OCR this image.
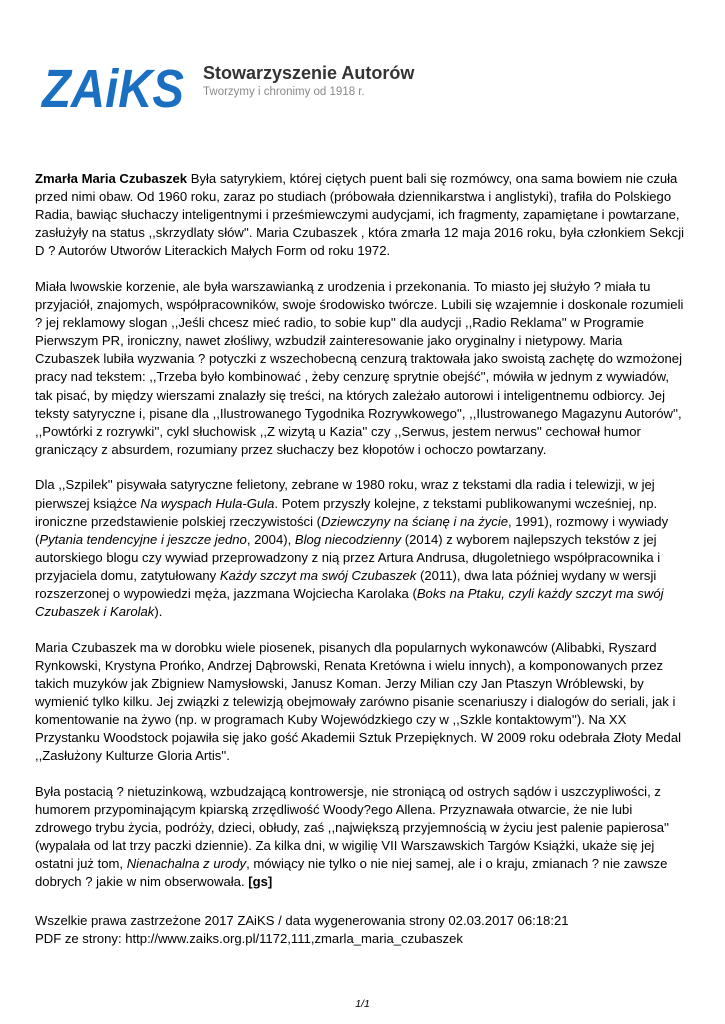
ZAiKS Stowarzyszenie Autorów
Tworzymy i chronimy od 1918 r.

Zmarła Maria Czubaszek Była satyrykiem, której ciętych puent bali się rozmówcy, ona sama bowiem nie czuła przed nimi obaw. Od 1960 roku, zaraz po studiach (próbowała dziennikarstwa i anglistyki), trafiła do Polskiego Radia, bawiąc słuchaczy inteligentnymi i prześmiewczymi audycjami, ich fragmenty, zapamiętane i powtarzane, zasłużyły na status ,,skrzydlaty słów''. Maria Czubaszek , która zmarła 12 maja 2016 roku, była członkiem Sekcji D ? Autorów Utworów Literackich Małych Form od roku 1972.

Miała lwowskie korzenie, ale była warszawianką z urodzenia i przekonania. To miasto jej służyło ? miała tu przyjaciół, znajomych, współpracowników, swoje środowisko twórcze. Lubili się wzajemnie i doskonale rozumieli ? jej reklamowy slogan ,,Jeśli chcesz mieć radio, to sobie kup'' dla audycji ,,Radio Reklama'' w Programie Pierwszym PR, ironiczny, nawet złośliwy, wzbudził zainteresowanie jako oryginalny i nietypowy. Maria Czubaszek lubiła wyzwania ? potyczki z wszechobecną cenzurą traktowała jako swoistą zachętę do wzmożonej pracy nad tekstem: ,,Trzeba było kombinować , żeby cenzurę sprytnie obejść'', mówiła w jednym z wywiadów, tak pisać, by między wierszami znalazły się treści, na których zależało autorowi i inteligentnemu odbiorcy. Jej teksty satyryczne i, pisane dla ,,Ilustrowanego Tygodnika Rozrywkowego'', ,,Ilustrowanego Magazynu Autorów'', ,,Powtórki z rozrywki'', cykl słuchowisk ,,Z wizytą u Kazia'' czy ,,Serwus, jestem nerwus'' cechował humor graniczący z absurdem, rozumiany przez słuchaczy bez kłopotów i ochoczo powtarzany.

Dla ,,Szpilek'' pisywała satyryczne felietony, zebrane w 1980 roku, wraz z tekstami dla radia i telewizji, w jej pierwszej książce Na wyspach Hula-Gula. Potem przyszły kolejne, z tekstami publikowanymi wcześniej, np. ironiczne przedstawienie polskiej rzeczywistości (Dziewczyny na ścianę i na życie, 1991), rozmowy i wywiady (Pytania tendencyjne i jeszcze jedno, 2004), Blog niecodzienny (2014) z wyborem najlepszych tekstów z jej autorskiego blogu czy wywiad przeprowadzony z nią przez Artura Andrusa, długoletniego współpracownika i przyjaciela domu, zatytułowany Każdy szczyt ma swój Czubaszek (2011), dwa lata później wydany w wersji rozszerzonej o wypowiedzi męża, jazzmana Wojciecha Karolaka (Boks na Ptaku, czyli każdy szczyt ma swój Czubaszek i Karolak).

Maria Czubaszek ma w dorobku wiele piosenek, pisanych dla popularnych wykonawców (Alibabki, Ryszard Rynkowski, Krystyna Prońko, Andrzej Dąbrowski, Renata Kretówna i wielu innych), a komponowanych przez takich muzyków jak Zbigniew Namysłowski, Janusz Koman. Jerzy Milian czy Jan Ptaszyn Wróblewski, by wymienić tylko kilku. Jej związki z telewizją obejmowały zarówno pisanie scenariuszy i dialogów do seriali, jak i komentowanie na żywo (np. w programach Kuby Wojewódzkiego czy w ,,Szkle kontaktowym''). Na XX Przystanku Woodstock pojawiła się jako gość Akademii Sztuk Przepięknych. W 2009 roku odebrała Złoty Medal ,,Zasłużony Kulturze Gloria Artis''.

Była postacią ? nietuzinkową, wzbudzającą kontrowersje, nie stroniącą od ostrych sądów i uszczypliwości, z humorem przypominającym kpiarską zrzędliwość Woody?ego Allena. Przyznawała otwarcie, że nie lubi zdrowego trybu życia, podróży, dzieci, obłudy, zaś ,,największą przyjemnością w życiu jest palenie papierosa'' (wypalała od lat trzy paczki dziennie). Za kilka dni, w wigilię VII Warszawskich Targów Książki, ukaże się jej ostatni już tom, Nienachalna z urody, mówiący nie tylko o nie niej samej, ale i o kraju, zmianach ? nie zawsze dobrych ? jakie w nim obserwowała. [gs]

Wszelkie prawa zastrzeżone 2017 ZAiKS / data wygenerowania strony 02.03.2017 06:18:21
PDF ze strony: http://www.zaiks.org.pl/1172,111,zmarla_maria_czubaszek
1/1
